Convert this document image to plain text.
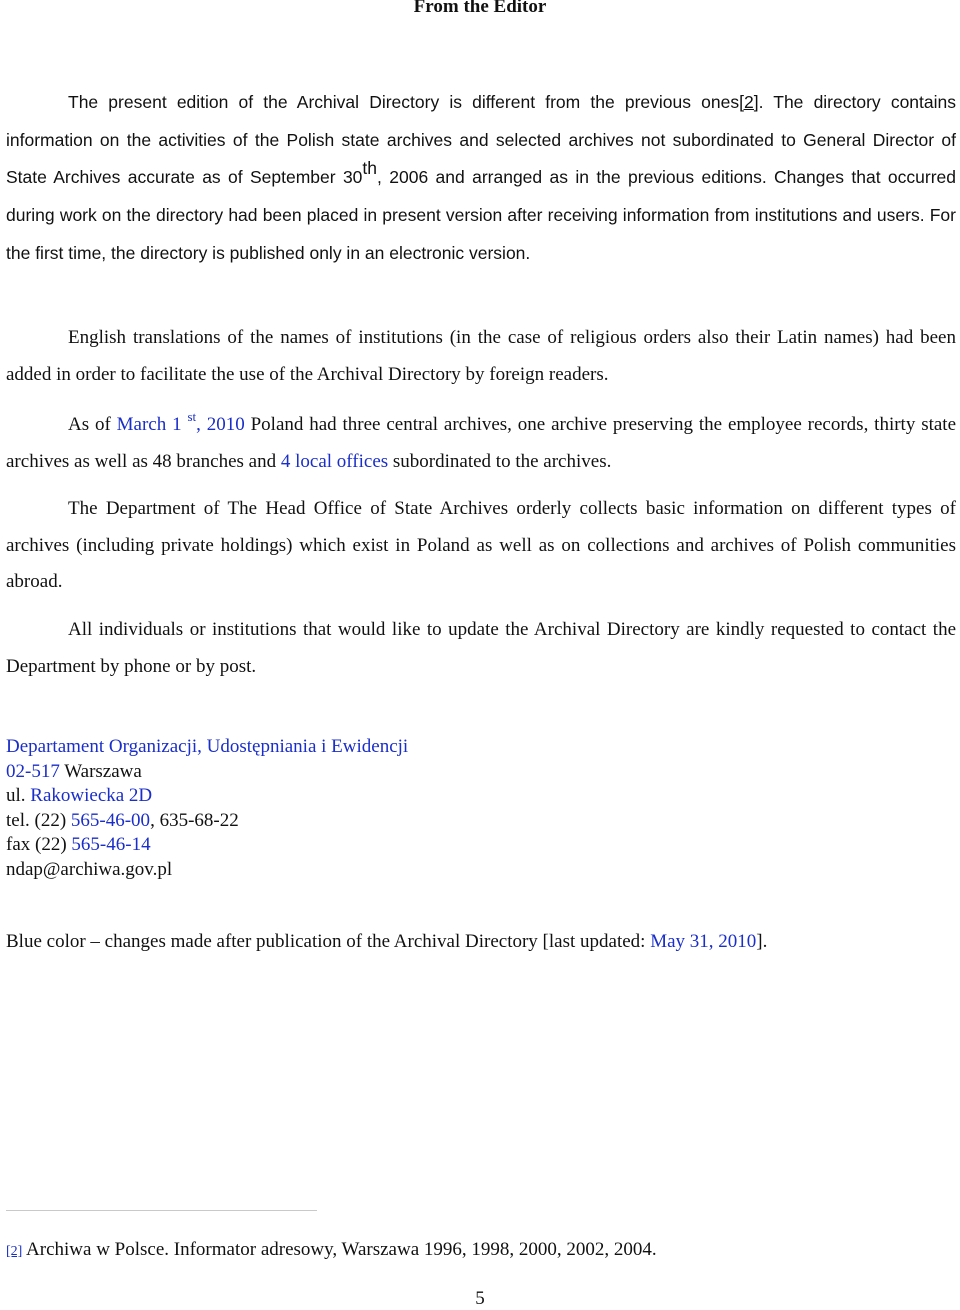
From the Editor

The present edition of the Archival Directory is different from the previous ones[2]. The directory contains information on the activities of the Polish state archives and selected archives not subordinated to General Director of State Archives accurate as of September 30th, 2006 and arranged as in the previous editions. Changes that occurred during work on the directory had been placed in present version after receiving information from institutions and users. For the first time, the directory is published only in an electronic version.

English translations of the names of institutions (in the case of religious orders also their Latin names) had been added in order to facilitate the use of the Archival Directory by foreign readers.

As of March 1 $^{st}$, 2010 Poland had three central archives, one archive preserving the employee records, thirty state archives as well as 48 branches and 4 local offices subordinated to the archives.

The Department of The Head Office of State Archives orderly collects basic information on different types of archives (including private holdings) which exist in Poland as well as on collections and archives of Polish communities abroad.

All individuals or institutions that would like to update the Archival Directory are kindly requested to contact the Department by phone or by post.

Departament Organizacji, Udostępniania i Ewidencji
02-517 Warszawa
ul. Rakowiecka 2D
tel. (22) 565-46-00, 635-68-22
fax (22) 565-46-14
ndap@archiwa.gov.pl
Blue color – changes made after publication of the Archival Directory [last updated: May 31, 2010].
[2] Archiwa w Polsce. Informator adresowy, Warszawa 1996, 1998, 2000, 2002, 2004.
5
